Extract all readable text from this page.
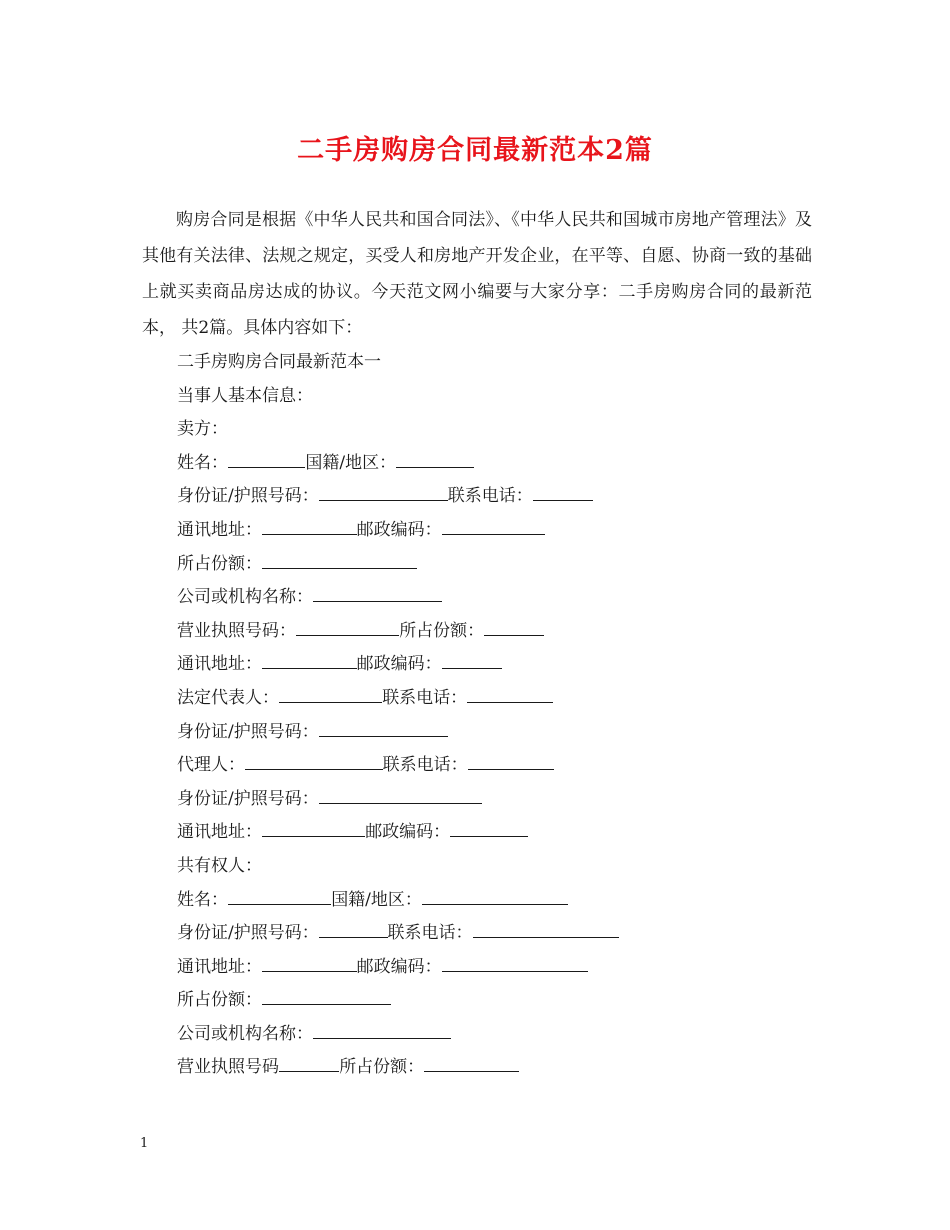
二手房购房合同最新范本2篇

购房合同是根据《中华人民共和国合同法》、《中华人民共和国城市房地产管理法》及其他有关法律、法规之规定，买受人和房地产开发企业，在平等、自愿、协商一致的基础上就买卖商品房达成的协议。今天范文网小编要与大家分享：二手房购房合同的最新范本， 共2篇。具体内容如下：

二手房购房合同最新范本一
当事人基本信息：
卖方：
姓名：	国籍/地区：
身份证/护照号码：	联系电话：
通讯地址：	邮政编码：
所占份额：
公司或机构名称：
营业执照号码：	所占份额：
通讯地址：	邮政编码：
法定代表人：	联系电话：
身份证/护照号码：
代理人：	联系电话：
身份证/护照号码：
通讯地址：	邮政编码：
共有权人：
姓名：	国籍/地区：
身份证/护照号码：	联系电话：
通讯地址：	邮政编码：
所占份额：
公司或机构名称：
营业执照号码	所占份额：
1
